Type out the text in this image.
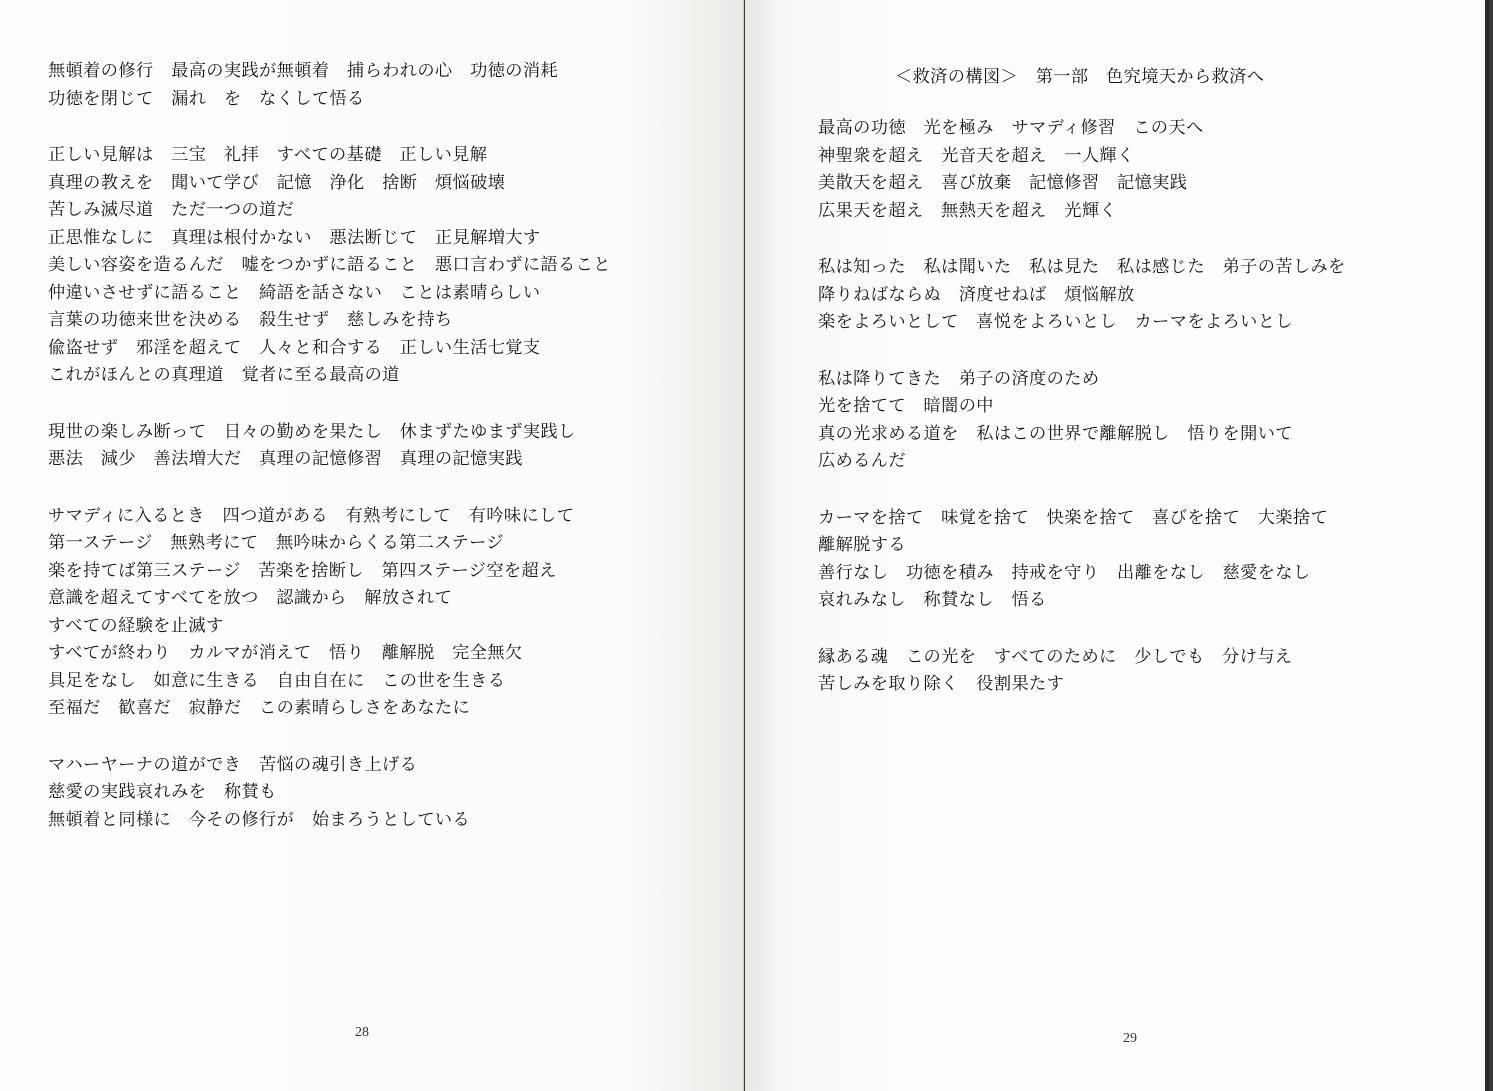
無頓着の修行　最高の実践が無頓着　捕らわれの心　功徳の消耗
功徳を閉じて　漏れ　を　なくして悟る
正しい見解は　三宝　礼拝　すべての基礎　正しい見解
真理の教えを　聞いて学び　記憶　浄化　捨断　煩悩破壊
苦しみ滅尽道　ただ一つの道だ
正思惟なしに　真理は根付かない　悪法断じて　正見解増大す
美しい容姿を造るんだ　嘘をつかずに語ること　悪口言わずに語ること
仲違いさせずに語ること　綺語を話さない　ことは素晴らしい
言葉の功徳来世を決める　殺生せず　慈しみを持ち
偸盗せず　邪淫を超えて　人々と和合する　正しい生活七覚支
これがほんとの真理道　覚者に至る最高の道
現世の楽しみ断って　日々の勤めを果たし　休まずたゆまず実践し
悪法　減少　善法増大だ　真理の記憶修習　真理の記憶実践
サマディに入るとき　四つ道がある　有熟考にして　有吟味にして
第一ステージ　無熟考にて　無吟味からくる第二ステージ
楽を持てば第三ステージ　苦楽を捨断し　第四ステージ空を超え
意識を超えてすべてを放つ　認識から　解放されて
すべての経験を止滅す
すべてが終わり　カルマが消えて　悟り　離解脱　完全無欠
具足をなし　如意に生きる　自由自在に　この世を生きる
至福だ　歓喜だ　寂静だ　この素晴らしさをあなたに
マハーヤーナの道ができ　苦悩の魂引き上げる
慈愛の実践哀れみを　称賛も
無頓着と同様に　今その修行が　始まろうとしている
28
＜救済の構図＞　第一部　色究境天から救済へ
最高の功徳　光を極み　サマディ修習　この天へ
神聖衆を超え　光音天を超え　一人輝く
美散天を超え　喜び放棄　記憶修習　記憶実践
広果天を超え　無熱天を超え　光輝く
私は知った　私は聞いた　私は見た　私は感じた　弟子の苦しみを
降りねばならぬ　済度せねば　煩悩解放
楽をよろいとして　喜悦をよろいとし　カーマをよろいとし
私は降りてきた　弟子の済度のため
光を捨てて　暗闇の中
真の光求める道を　私はこの世界で離解脱し　悟りを開いて
広めるんだ
カーマを捨て　味覚を捨て　快楽を捨て　喜びを捨て　大楽捨て
離解脱する
善行なし　功徳を積み　持戒を守り　出離をなし　慈愛をなし
哀れみなし　称賛なし　悟る
縁ある魂　この光を　すべてのために　少しでも　分け与え
苦しみを取り除く　役割果たす
29
